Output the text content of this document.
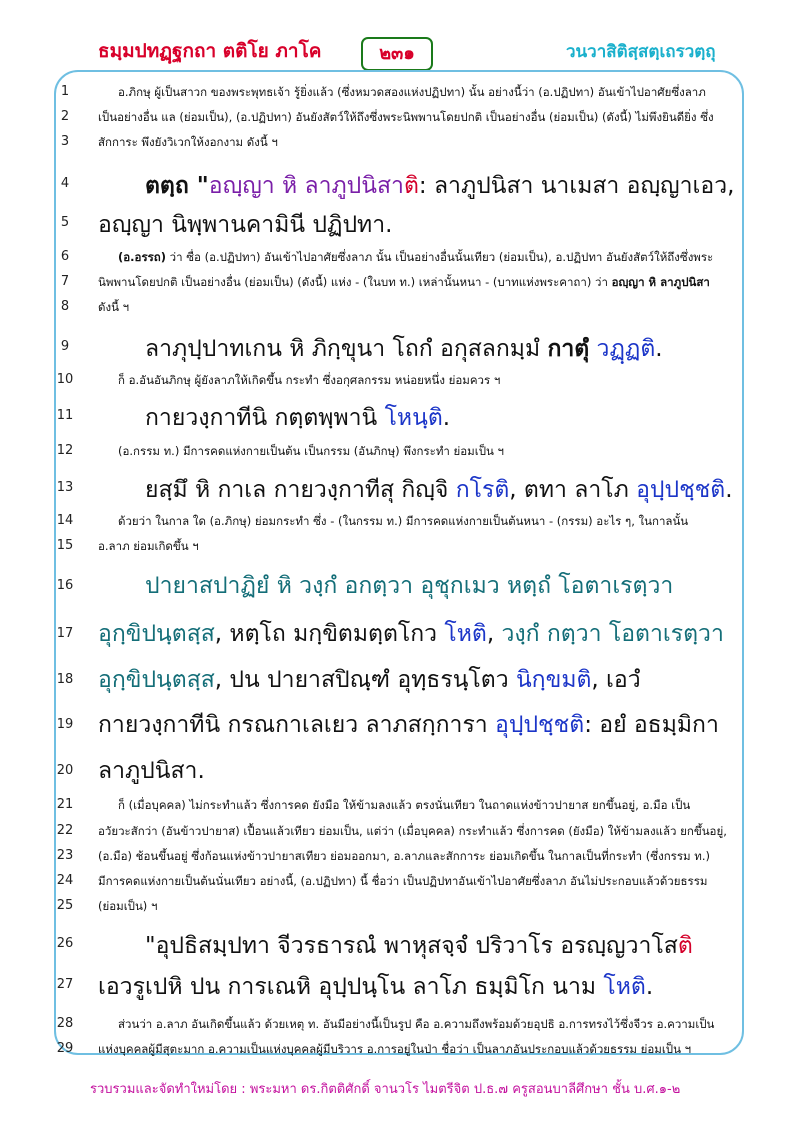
ธมฺมปทฏฺฐกถา ตติโย ภาโค	๒๓๑	วนวาสิติสฺสตฺเถรวตฺถุ
1	อ.ภิกษุ ผู้เป็นสาวก ของพระพุทธเจ้า รู้ยิ่งแล้ว (ซึ่งหมวดสองแห่งปฏิปทา) นั้น อย่างนี้ว่า (อ.ปฏิปทา) อันเข้าไปอาศัยซึ่งลาภ
2	เป็นอย่างอื่น แล (ย่อมเป็น), (อ.ปฏิปทา) อันยังสัตว์ให้ถึงซึ่งพระนิพพานโดยปกติ เป็นอย่างอื่น (ย่อมเป็น) (ดังนี้) ไม่พึงยินดียิ่ง ซึ่ง
3	สักการะ พึงยังวิเวกให้งอกงาม ดังนี้ ฯ
4	ตตฺถ "อญฺญา หิ ลาภูปนิสาติ: ลาภูปนิสา นาเมสา อญฺญาเอว,
5	อญฺญา นิพฺพานคามินี ปฏิปทา.
6	(อ.อรรถ) ว่า ซื่อ (อ.ปฏิปทา) อันเข้าไปอาศัยซึ่งลาภ นั้น เป็นอย่างอื่นนั้นเทียว (ย่อมเป็น), อ.ปฏิปทา อันยังสัตว์ให้ถึงซึ่งพระ
7	นิพพานโดยปกติ เป็นอย่างอื่น (ย่อมเป็น) (ดังนี้) แห่ง - (ในบท ท.) เหล่านั้นหนา - (บาทแห่งพระคาถา) ว่า อญฺญา หิ ลาภูปนิสา
8	ดังนี้ ฯ
9	ลาภุปฺปาทเกน หิ ภิกฺขุนา โถกํ อกุสลกมฺมํ กาตุํ วฏฺฏติ.
10	ก็ อ.อันอันภิกษุ ผู้ยังลาภให้เกิดขึ้น กระทำ ซึ่งอกุศลกรรม หน่อยหนึ่ง ย่อมควร ฯ
11	กายวงฺกาทีนิ กตฺตพฺพานิ โหนฺติ.
12	(อ.กรรม ท.) มีการคดแห่งกายเป็นต้น เป็นกรรม (อันภิกษุ) พึงกระทำ ย่อมเป็น ฯ
13	ยสฺมึ หิ กาเล กายวงฺกาทีสุ กิญฺจิ กโรติ, ตทา ลาโภ อุปฺปชฺชติ.
14	ด้วยว่า ในกาล ใด (อ.ภิกษุ) ย่อมกระทำ ซึ่ง - (ในกรรม ท.) มีการคดแห่งกายเป็นต้นหนา - (กรรม) อะไร ๆ, ในกาลนั้น
15	อ.ลาภ ย่อมเกิดขึ้น ฯ
16	ปายาสปาฏิยํ หิ วงฺกํ อกตฺวา อุชุกเมว หตฺถํ โอตาเรตฺวา
17 อุกฺขิปนฺตสฺส, หตฺโถ มกฺขิตมตฺตโกว โหติ, วงฺกํ กตฺวา โอตาเรตฺวา
18 อุกฺขิปนฺตสฺส, ปน ปายาสปิณฺฑํ อุทฺธรนฺโตว นิกฺขมติ, เอวํ
19 กายวงฺกาทีนิ กรณกาเลเยว ลาภสกฺการา อุปฺปชฺชติ: อยํ อธมฺมิกา
20 ลาภูปนิสา.
21	ก็ (เมื่อบุคคล) ไม่กระทำแล้ว ซึ่งการคด ยังมือ ให้ข้ามลงแล้ว ตรงนั่นเทียว ในถาดแห่งข้าวปายาส ยกขึ้นอยู่, อ.มือ เป็น
22	อวัยวะสักว่า (อันข้าวปายาส) เปื้อนแล้วเทียว ย่อมเป็น, แต่ว่า (เมื่อบุคคล) กระทำแล้ว ซึ่งการคด (ยังมือ) ให้ข้ามลงแล้ว ยกขึ้นอยู่,
23	(อ.มือ) ช้อนขึ้นอยู่ ซึ่งก้อนแห่งข้าวปายาสเทียว ย่อมออกมา, อ.ลาภและสักการะ ย่อมเกิดขึ้น ในกาลเป็นที่กระทำ (ซึ่งกรรม ท.)
24	มีการคดแห่งกายเป็นต้นนั่นเทียว อย่างนี้, (อ.ปฏิปทา) นี้ ชื่อว่า เป็นปฏิปทาอันเข้าไปอาศัยซึ่งลาภ อันไม่ประกอบแล้วด้วยธรรม
25	(ย่อมเป็น) ฯ
26	"อุปธิสมฺปทา จีวรธารณํ พาหุสจฺจํ ปริวาโร อรญฺญวาโสติ
27 เอวรูเปหิ ปน การเณหิ อุปฺปนฺโน ลาโภ ธมฺมิโก นาม โหติ.
28	ส่วนว่า อ.ลาภ อันเกิดขึ้นแล้ว ด้วยเหตุ ท. อันมีอย่างนี้เป็นรูป คือ อ.ความถึงพร้อมด้วยอุปธิ อ.การทรงไว้ซึ่งจีวร อ.ความเป็น
29	แห่งบุคคลผู้มีสุตะมาก อ.ความเป็นแห่งบุคคลผู้มีบริวาร อ.การอยู่ในป่า ชื่อว่า เป็นลาภอันประกอบแล้วด้วยธรรม ย่อมเป็น ฯ
รวบรวมและจัดทำใหม่โดย : พระมหา ดร.กิตติศักดิ์ จานวโร ไมตรีจิต ป.ธ.๗ ครูสอนบาลีศึกษา ชั้น บ.ศ.๑-๒
